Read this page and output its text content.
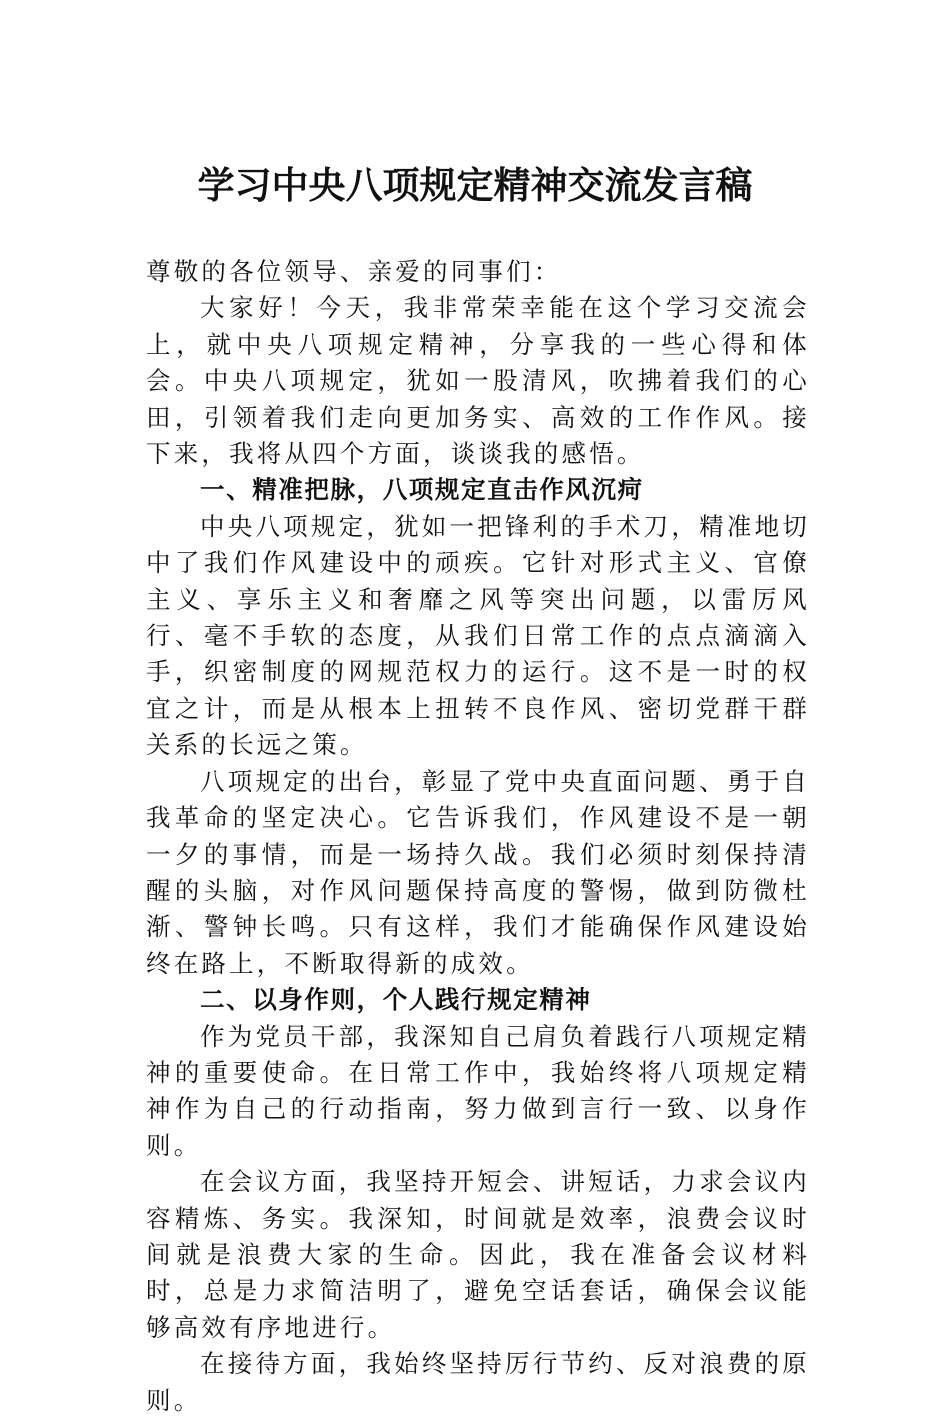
学习中央八项规定精神交流发言稿

尊敬的各位领导、亲爱的同事们：

大家好！今天，我非常荣幸能在这个学习交流会上，就中央八项规定精神，分享我的一些心得和体会。中央八项规定，犹如一股清风，吹拂着我们的心田，引领着我们走向更加务实、高效的工作作风。接下来，我将从四个方面，谈谈我的感悟。

一、精准把脉，八项规定直击作风沉疴

中央八项规定，犹如一把锋利的手术刀，精准地切中了我们作风建设中的顽疾。它针对形式主义、官僚主义、享乐主义和奢靡之风等突出问题，以雷厉风行、毫不手软的态度，从我们日常工作的点点滴滴入手，织密制度的网规范权力的运行。这不是一时的权宜之计，而是从根本上扭转不良作风、密切党群干群关系的长远之策。

八项规定的出台，彰显了党中央直面问题、勇于自我革命的坚定决心。它告诉我们，作风建设不是一朝一夕的事情，而是一场持久战。我们必须时刻保持清醒的头脑，对作风问题保持高度的警惕，做到防微杜渐、警钟长鸣。只有这样，我们才能确保作风建设始终在路上，不断取得新的成效。

二、以身作则，个人践行规定精神

作为党员干部，我深知自己肩负着践行八项规定精神的重要使命。在日常工作中，我始终将八项规定精神作为自己的行动指南，努力做到言行一致、以身作则。

在会议方面，我坚持开短会、讲短话，力求会议内容精炼、务实。我深知，时间就是效率，浪费会议时间就是浪费大家的生命。因此，我在准备会议材料时，总是力求简洁明了，避免空话套话，确保会议能够高效有序地进行。

在接待方面，我始终坚持厉行节约、反对浪费的原则。
